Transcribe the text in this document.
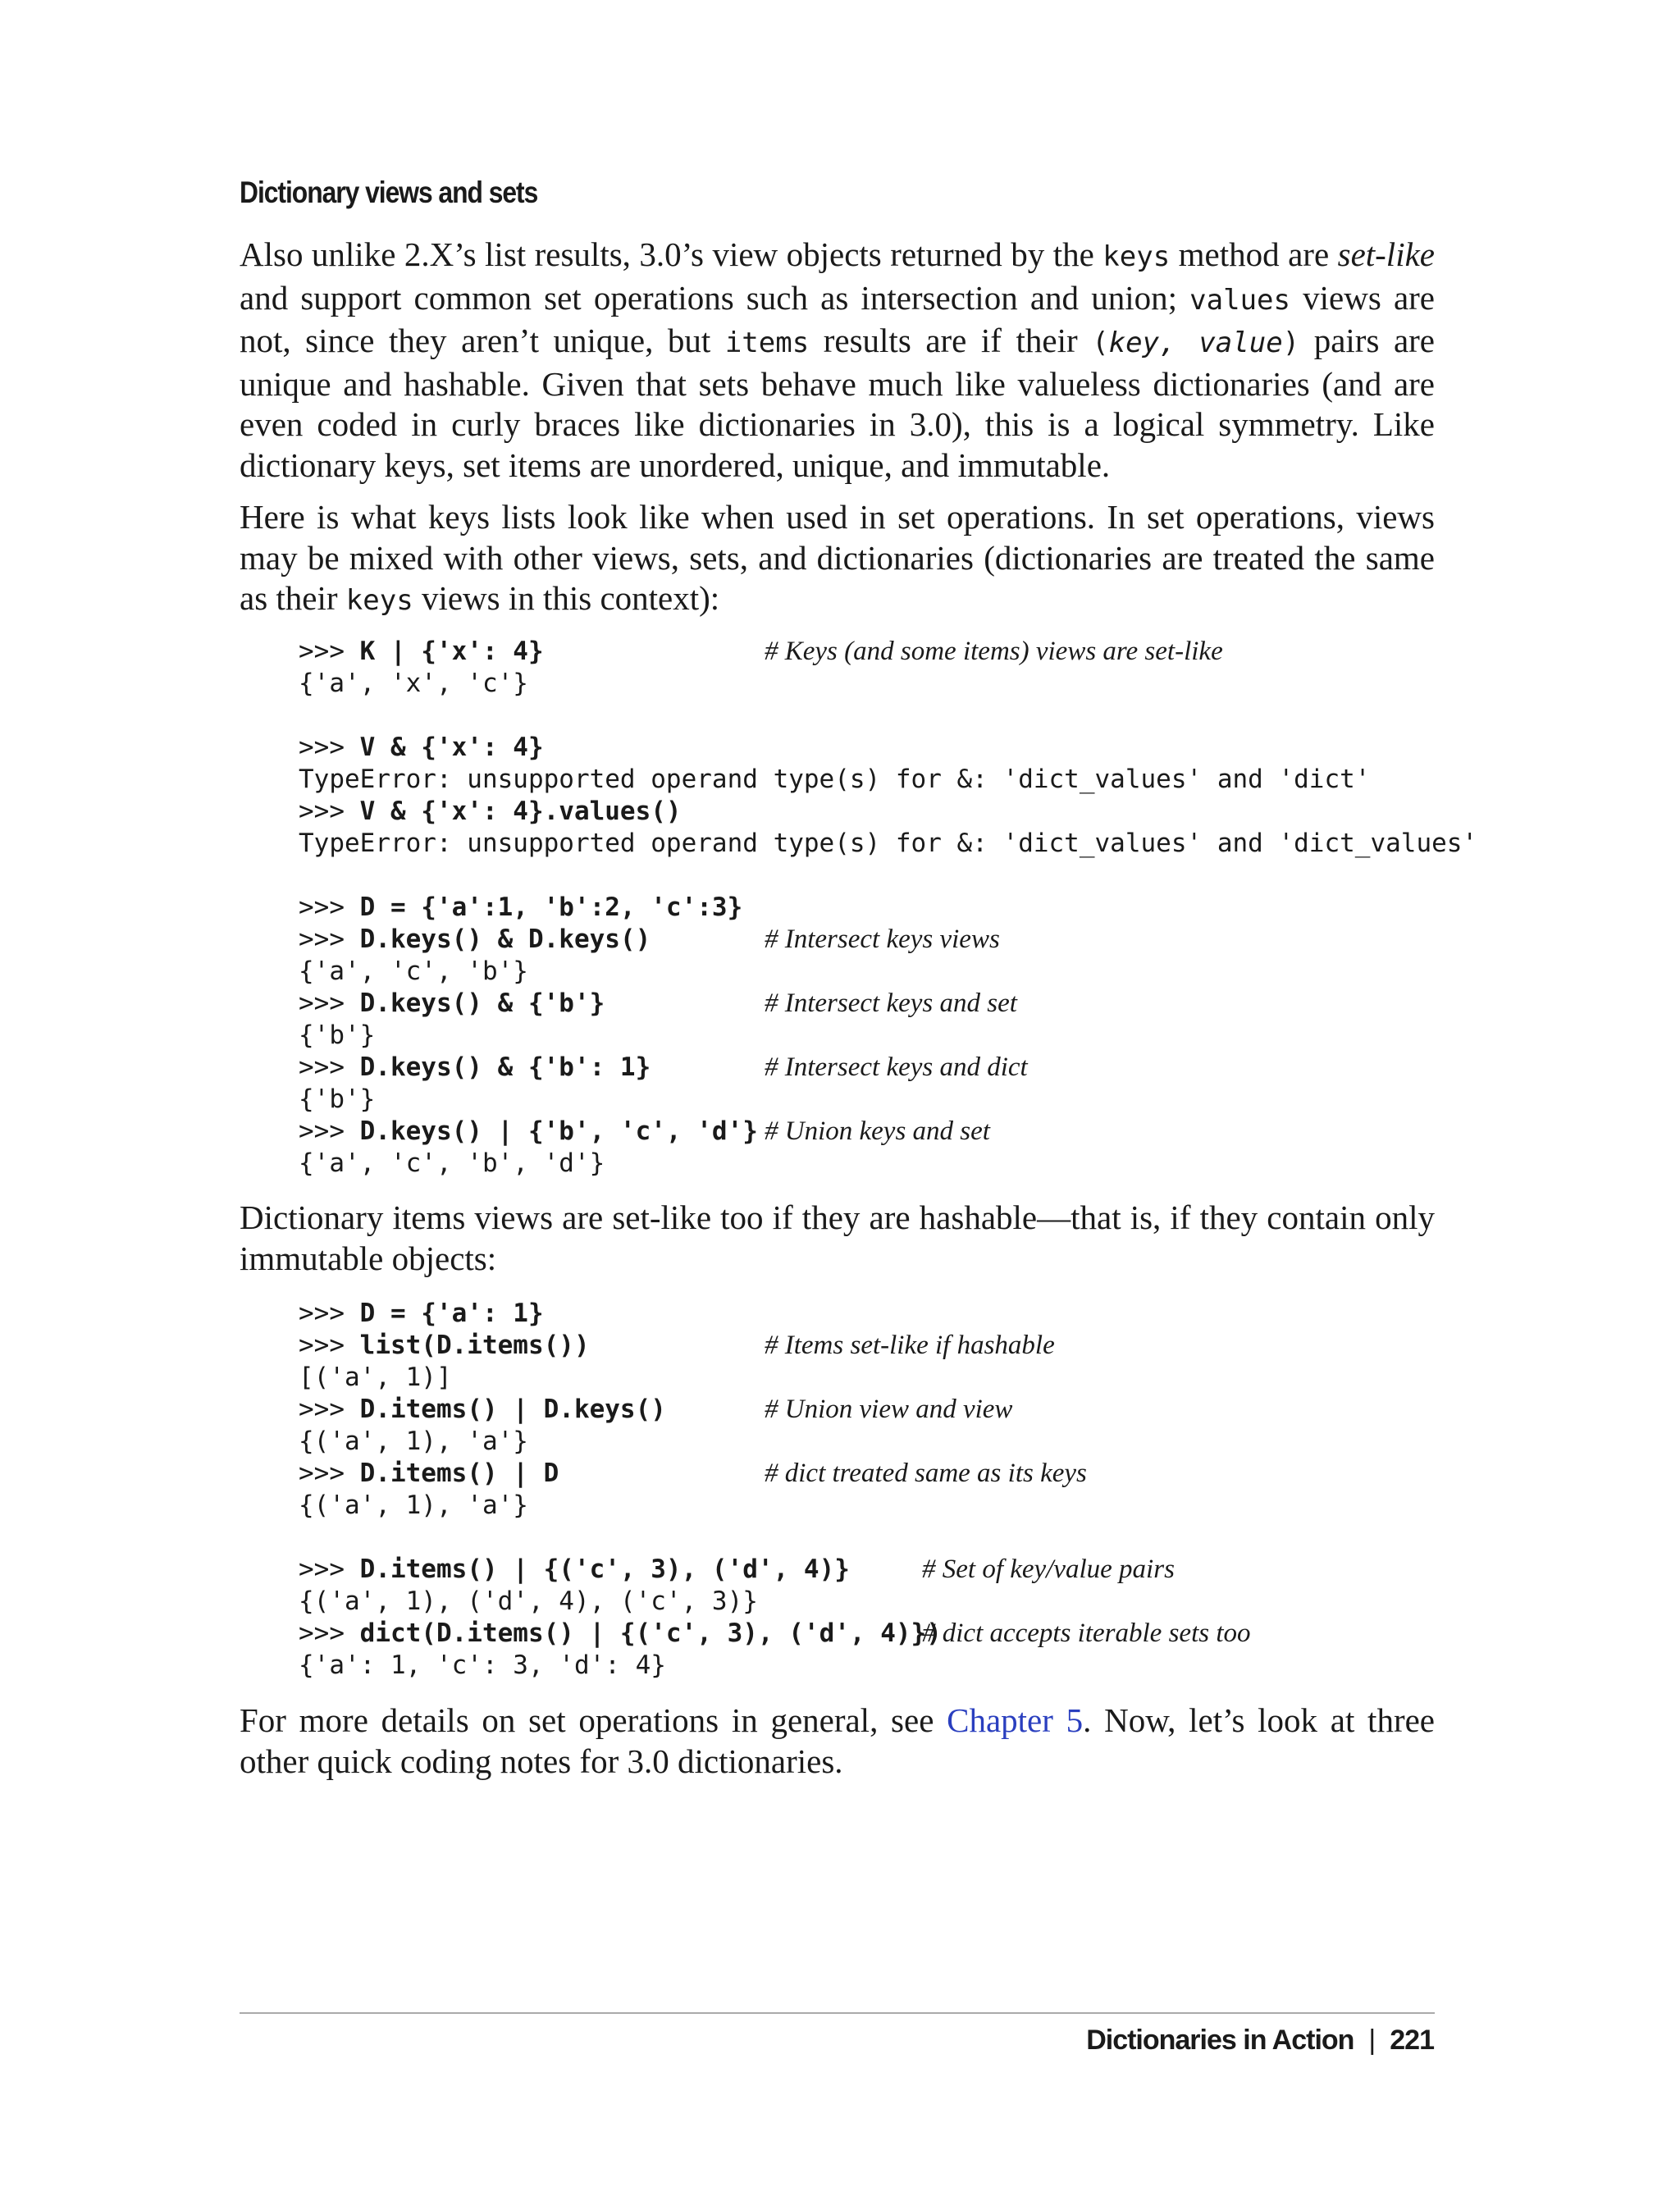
Dictionary views and sets

Also unlike 2.X’s list results, 3.0’s view objects returned by the keys method are set-like and support common set operations such as intersection and union; values views are not, since they aren’t unique, but items results are if their (key, value) pairs are unique and hashable. Given that sets behave much like valueless dictionaries (and are even coded in curly braces like dictionaries in 3.0), this is a logical symmetry. Like dictionary keys, set items are unordered, unique, and immutable.

Here is what keys lists look like when used in set operations. In set operations, views may be mixed with other views, sets, and dictionaries (dictionaries are treated the same as their keys views in this context):

>>> K | {'x': 4}	# Keys (and some items) views are set-like
{'a', 'x', 'c'}
>>> V & {'x': 4}
TypeError: unsupported operand type(s) for &: 'dict_values' and 'dict'
>>> V & {'x': 4}.values()
TypeError: unsupported operand type(s) for &: 'dict_values' and 'dict_values'
>>> D = {'a':1, 'b':2, 'c':3}
>>> D.keys() & D.keys()	# Intersect keys views
{'a', 'c', 'b'}
>>> D.keys() & {'b'}	# Intersect keys and set
{'b'}
>>> D.keys() & {'b': 1}	# Intersect keys and dict
{'b'}
>>> D.keys() | {'b', 'c', 'd'} # Union keys and set
{'a', 'c', 'b', 'd'}

Dictionary items views are set-like too if they are hashable—that is, if they contain only immutable objects:

>>> D = {'a': 1}
>>> list(D.items())	# Items set-like if hashable
[('a', 1)]
>>> D.items() | D.keys()	# Union view and view
{('a', 1), 'a'}
>>> D.items() | D	# dict treated same as its keys
{('a', 1), 'a'}
>>> D.items() | {('c', 3), ('d', 4)}	# Set of key/value pairs
{('a', 1), ('d', 4), ('c', 3)}
>>> dict(D.items() | {('c', 3), ('d', 4)})
# dict accepts iterable sets too
{'a': 1, 'c': 3, 'd': 4}

For more details on set operations in general, see Chapter 5. Now, let’s look at three other quick coding notes for 3.0 dictionaries.

Dictionaries in Action | 221
